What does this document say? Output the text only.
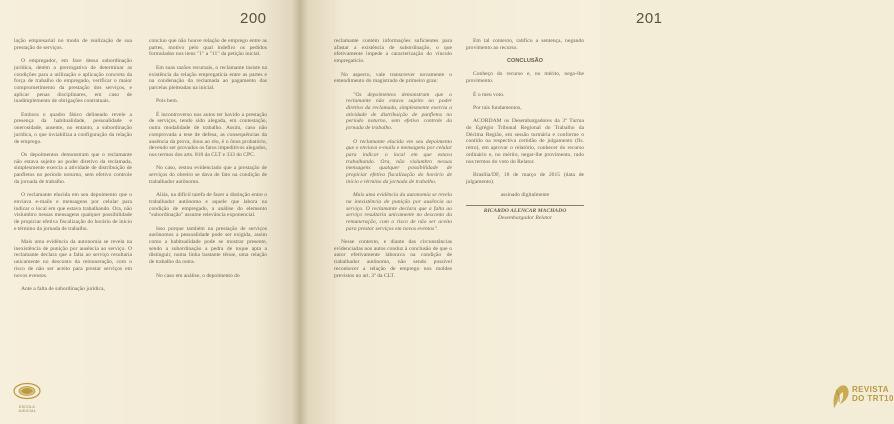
200

lação empresarial no modo de realização de sua prestação de serviços.

O empregador, em face dessa subordinação jurídica, detém a prerrogativa de determinar as condições para a utilização e aplicação concreta da força de trabalho do empregado, verificar o maior comprometimento da prestação dos serviços, e aplicar penas disciplinares, em caso de inadimplemento de obrigações contratuais.

Embora o quadro fático delineado revele a presença da habitualidade, pessoalidade e onerosidade, ausente, no entanto, a subordinação jurídica, o que inviabiliza a configuração da relação de emprego.

Os depoimentos demonstram que o reclamante não estava sujeito ao poder diretivo da reclamada, simplesmente exercia a atividade de distribuição de panfletos no período noturno, sem efetivo controle da jornada de trabalho.

O reclamante elucida em seu depoimento que o enviava e-mails e mensagens por celular para indicar o local em que estava trabalhando. Ora, não vislumbro nessas mensagens qualquer possibilidade de propiciar efetiva fiscalização do horário de início e término da jornada de trabalho.

Mais uma evidência da autonomia se revela na inexistência de punição por ausência ao serviço. O reclamante declara que a falta ao serviço resultaria unicamente no desconto da remuneração, com o risco de não ser aceito para prestar serviços em novos eventos.

Ante a falta de subordinação jurídica,

concluo que não houve relação de emprego entre as partes, motivo pelo qual indefiro os pedidos formulados nos itens "1" a "11" da petição inicial.

Em suas razões recursais, o reclamante insiste na existência da relação empregatícia entre as partes e na condenação da reclamada ao pagamento das parcelas pleiteadas na inicial.

Pois bem.

É incontroverso nos autos ter havido a prestação de serviços, tendo sido alegada, em contestação, outra modalidade de trabalho. Assim, caso não comprovada a tese de defesa, as consequências da ausência da prova, ônus ao réu, é o ônus probatório, devendo ser provados os fatos impeditivos alegados, nos termos dos arts. 818 da CLT e 333 do CPC.

No caso, restou evidenciado que a prestação de serviços do obreiro se dava de fato na condição de trabalhador autônomo.

Aliás, na difícil tarefa de fazer a distinção entre o trabalhador autônomo e aquele que labora na condição de empregado, a análise do elemento "subordinação" assume relevância exponencial.

Isso porque também na prestação de serviços autônomos a pessoalidade pode ser exigida, assim como a habitualidade pode se mostrar presente, sendo a subordinação a pedra de toque apta a distinguir, numa linha bastante tênue, uma relação de trabalho da outra.

No caso em análise, o depoimento do

ESCOLA JUDICIAL
201

reclamante contém informações suficientes para afastar a existência de subordinação, o que efetivamente impede a caracterização do vínculo empregatício.

No aspecto, vale transcrever novamente o entendimento do magistrado de primeiro grau:

"Os depoimentos demonstram que o reclamante não estava sujeito ao poder diretivo da reclamada, simplesmente exercia a atividade de distribuição de panfletos no período noturno, sem efetivo controle da jornada de trabalho.

O reclamante elucida em seu depoimento que o enviava e-mails e mensagens por celular para indicar o local em que estava trabalhando. Ora, não vislumbro nessas mensagens qualquer possibilidade de propiciar efetiva fiscalização do horário de início e término da jornada de trabalho.

Mais uma evidência da autonomia se revela na inexistência de punição por ausência ao serviço. O reclamante declara que a falta ao serviço resultaria unicamente no desconto da remuneração, com o risco de não ser aceito para prestar serviços em novos eventos".

Nesse contexto, e diante das circunstâncias evidenciadas nos autos conduz à conclusão de que o autor efetivamente laborava na condição de trabalhador autônomo, não sendo possível reconhecer a relação de emprego nos moldes previstos no art. 3º da CLT.

Em tal contexto, ratifico a sentença, negando provimento ao recurso.

CONCLUSÃO

Conheço do recurso e, no mérito, nego-lhe provimento.

É o meu voto.

Por tais fundamentos,

ACORDAM os Desembargadores da 3ª Turma do Egrégio Tribunal Regional do Trabalho da Décima Região, em sessão turmária e conforme o contido na respectiva certidão de julgamento (fls. retro), em aprovar o relatório, conhecer do recurso ordinário e, no mérito, negar-lhe provimento, tudo nos termos do voto do Relator.

Brasília/DF, 18 de março de 2015 (data de julgamento).

assinado digitalmente

RICARDO ALENCAR MACHADO

Desembargador Relator

REVISTA
DO TRT10
